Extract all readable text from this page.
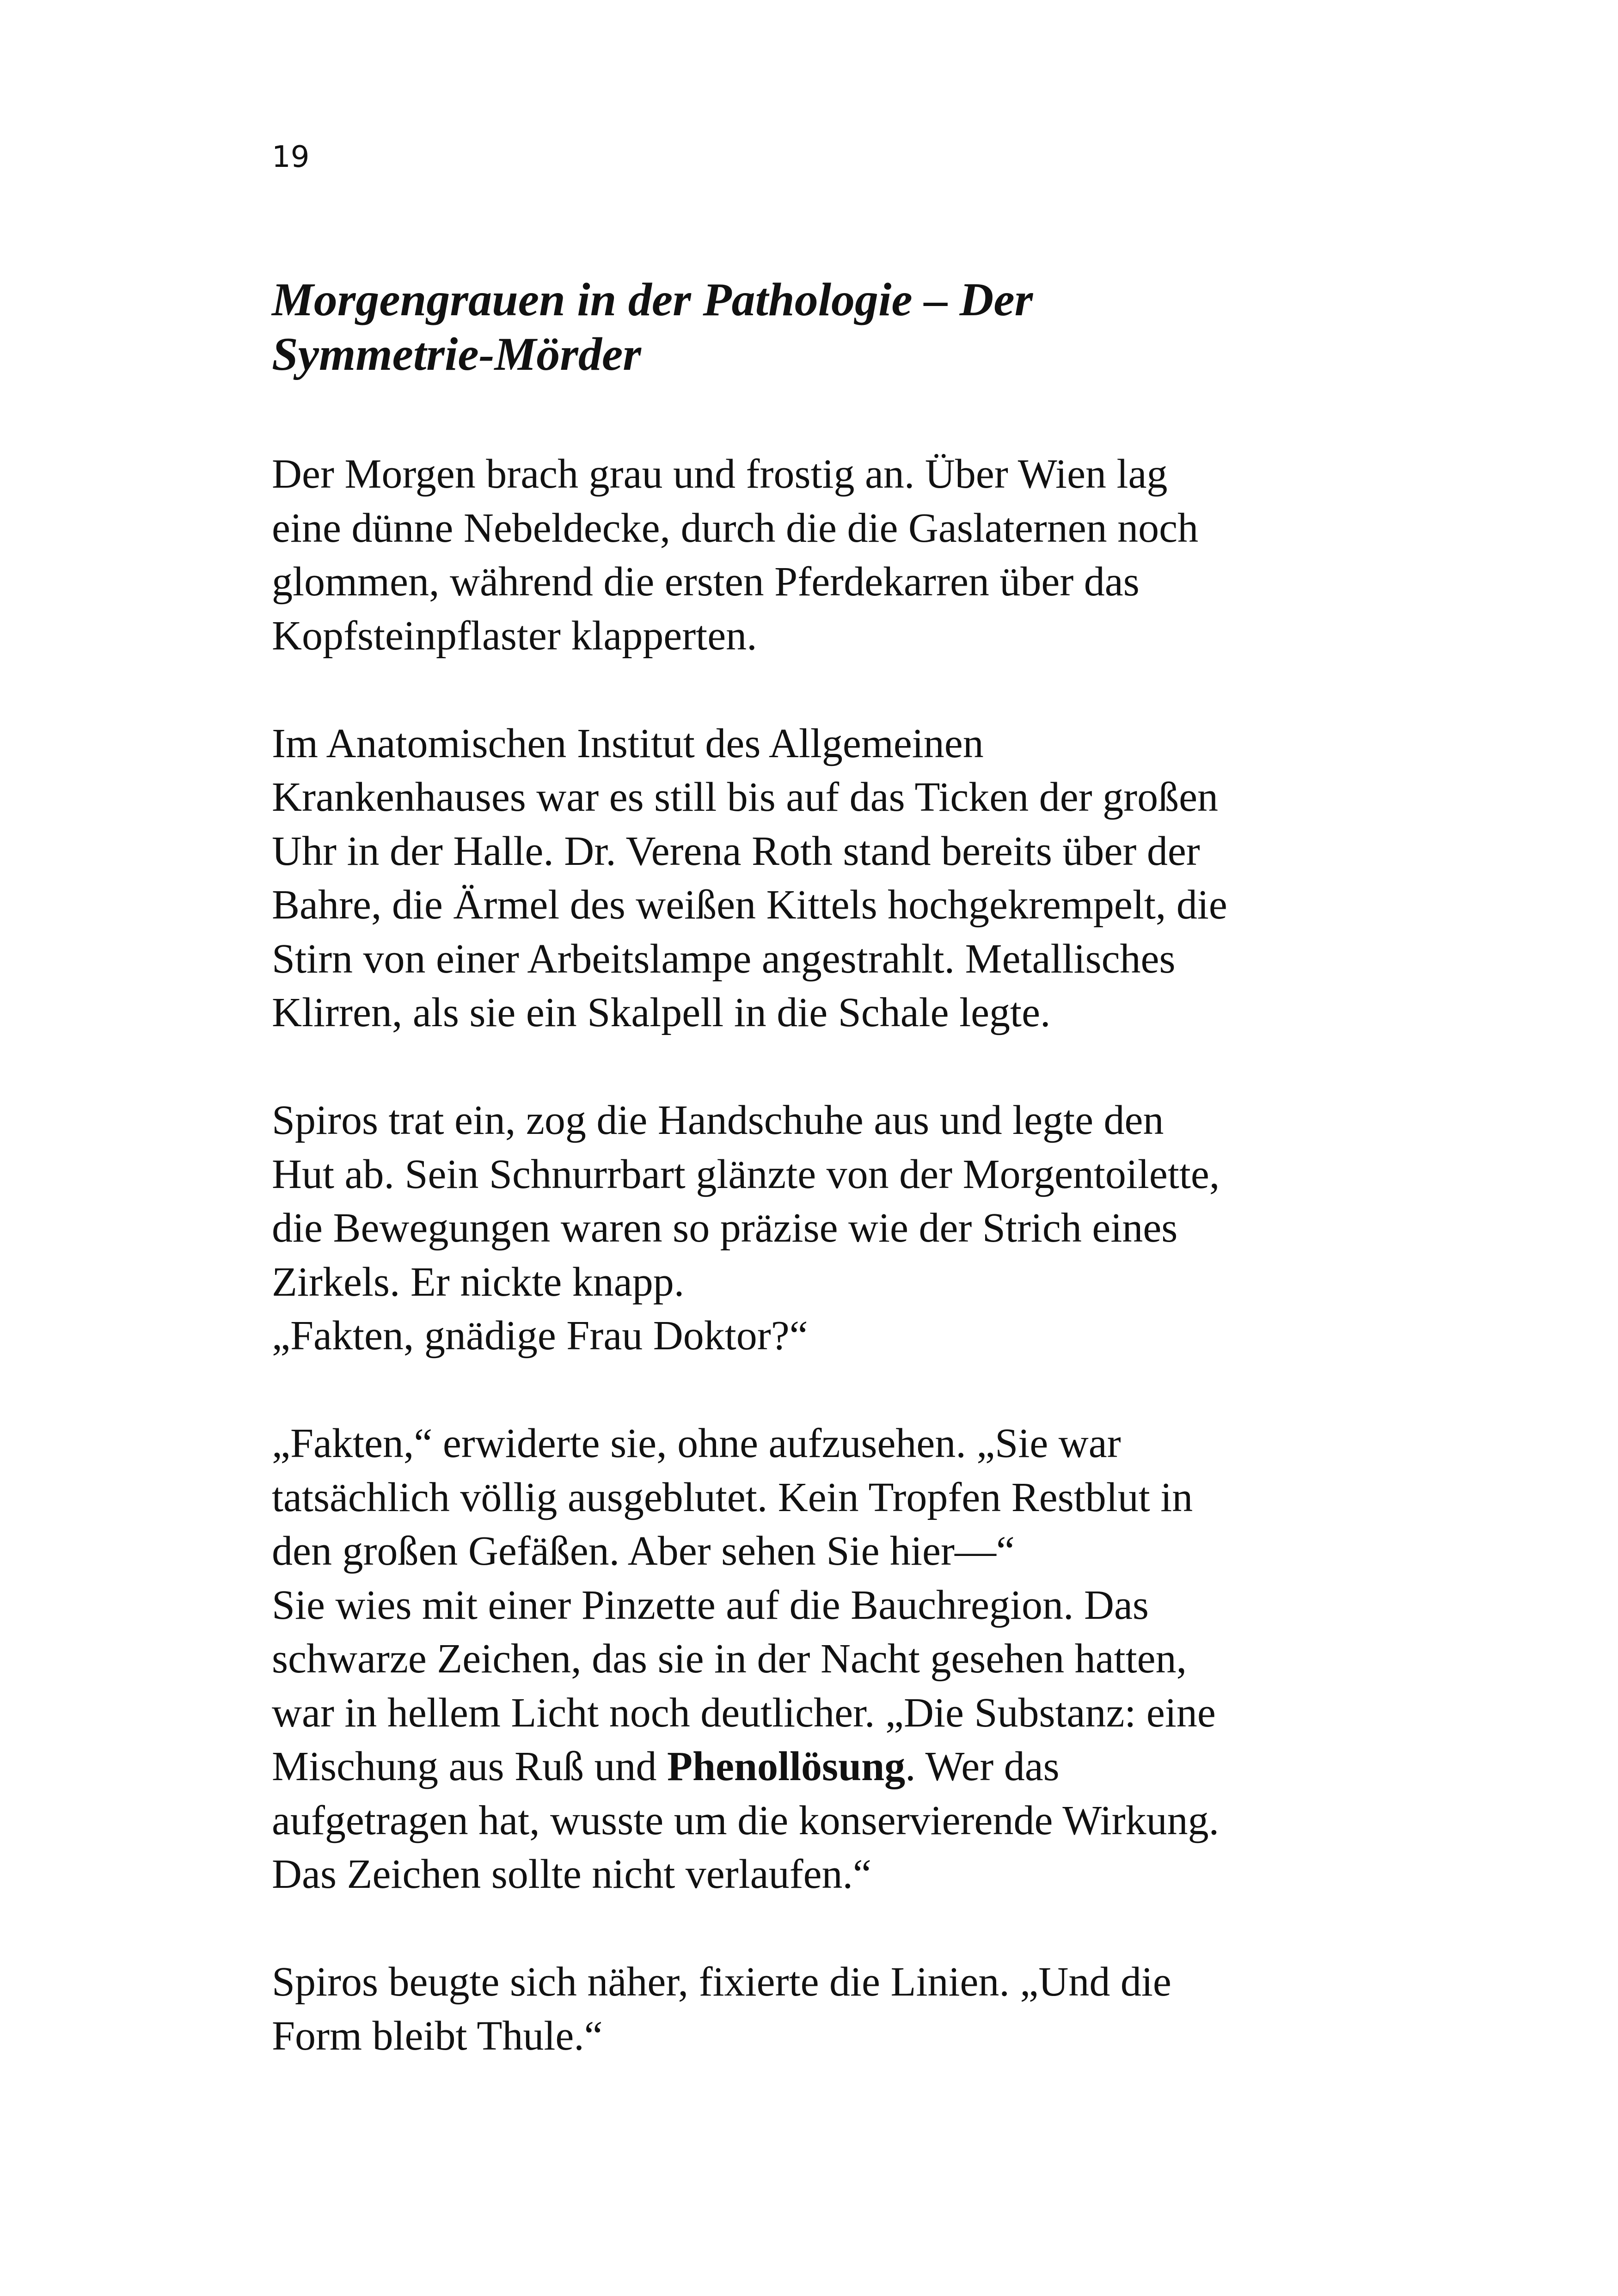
19
Morgengrauen in der Pathologie – Der
Symmetrie-Mörder

Der Morgen brach grau und frostig an. Über Wien lag
eine dünne Nebeldecke, durch die die Gaslaternen noch
glommen, während die ersten Pferdekarren über das
Kopfsteinpflaster klapperten.

Im Anatomischen Institut des Allgemeinen
Krankenhauses war es still bis auf das Ticken der großen
Uhr in der Halle. Dr. Verena Roth stand bereits über der
Bahre, die Ärmel des weißen Kittels hochgekrempelt, die
Stirn von einer Arbeitslampe angestrahlt. Metallisches
Klirren, als sie ein Skalpell in die Schale legte.

Spiros trat ein, zog die Handschuhe aus und legte den
Hut ab. Sein Schnurrbart glänzte von der Morgentoilette,
die Bewegungen waren so präzise wie der Strich eines
Zirkels. Er nickte knapp.
„Fakten, gnädige Frau Doktor?“

„Fakten,“ erwiderte sie, ohne aufzusehen. „Sie war
tatsächlich völlig ausgeblutet. Kein Tropfen Restblut in
den großen Gefäßen. Aber sehen Sie hier—“
Sie wies mit einer Pinzette auf die Bauchregion. Das
schwarze Zeichen, das sie in der Nacht gesehen hatten,
war in hellem Licht noch deutlicher. „Die Substanz: eine
Mischung aus Ruß und Phenollösung. Wer das
aufgetragen hat, wusste um die konservierende Wirkung.
Das Zeichen sollte nicht verlaufen.“

Spiros beugte sich näher, fixierte die Linien. „Und die
Form bleibt Thule.“
